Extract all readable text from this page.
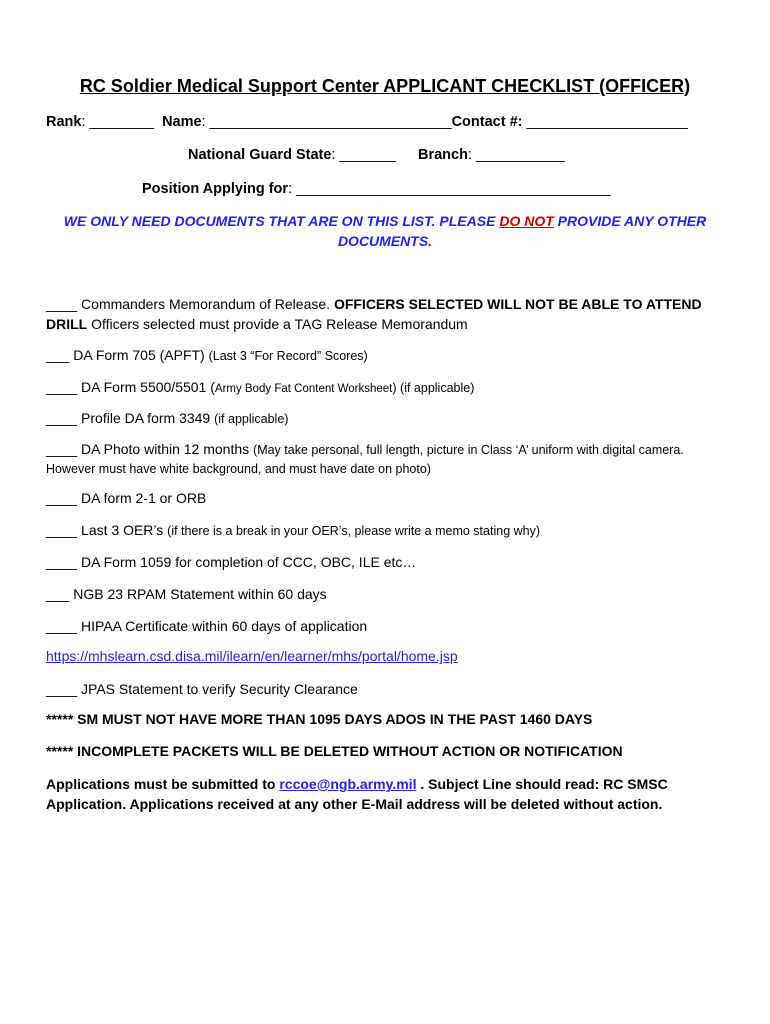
RC Soldier Medical Support Center APPLICANT CHECKLIST (OFFICER)
Rank: ________ Name: ______________________________Contact #: ____________________
National Guard State: _______ Branch: ___________
Position Applying for: _______________________________________
WE ONLY NEED DOCUMENTS THAT ARE ON THIS LIST. PLEASE DO NOT PROVIDE ANY OTHER DOCUMENTS.
____ Commanders Memorandum of Release. OFFICERS SELECTED WILL NOT BE ABLE TO ATTEND DRILL Officers selected must provide a TAG Release Memorandum
___ DA Form 705 (APFT) (Last 3 “For Record” Scores)
____ DA Form 5500/5501 (Army Body Fat Content Worksheet) (if applicable)
____ Profile DA form 3349 (if applicable)
____ DA Photo within 12 months (May take personal, full length, picture in Class ‘A’ uniform with digital camera. However must have white background, and must have date on photo)
____ DA form 2-1 or ORB
____ Last 3 OER’s (if there is a break in your OER’s, please write a memo stating why)
____ DA Form 1059 for completion of CCC, OBC, ILE etc…
___ NGB 23 RPAM Statement within 60 days
____ HIPAA Certificate within 60 days of application
https://mhslearn.csd.disa.mil/ilearn/en/learner/mhs/portal/home.jsp
____ JPAS Statement to verify Security Clearance
***** SM MUST NOT HAVE MORE THAN 1095 DAYS ADOS IN THE PAST 1460 DAYS
***** INCOMPLETE PACKETS WILL BE DELETED WITHOUT ACTION OR NOTIFICATION
Applications must be submitted to rccoe@ngb.army.mil . Subject Line should read: RC SMSC Application. Applications received at any other E-Mail address will be deleted without action.
